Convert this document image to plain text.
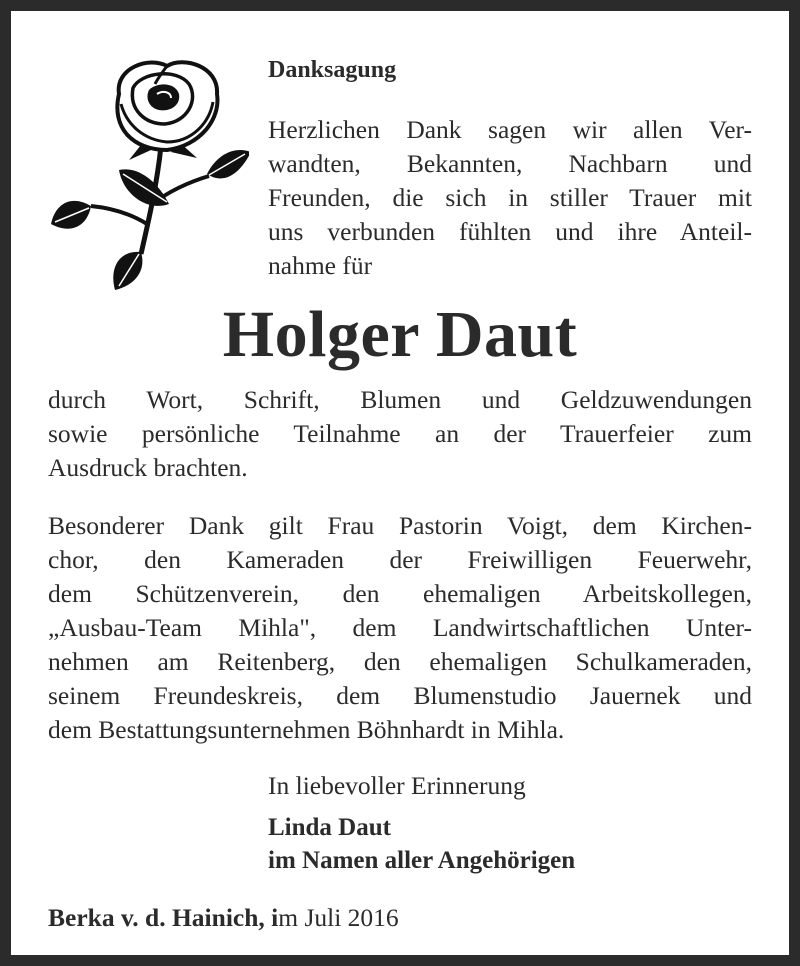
Danksagung

Herzlichen Dank sagen wir allen Ver-
wandten, Bekannten, Nachbarn und
Freunden, die sich in stiller Trauer mit
uns verbunden fühlten und ihre Anteil-
nahme für

Holger Daut

durch Wort, Schrift, Blumen und Geldzuwendungen
sowie persönliche Teilnahme an der Trauerfeier zum
Ausdruck brachten.
Besonderer Dank gilt Frau Pastorin Voigt, dem Kirchen-
chor, den Kameraden der Freiwilligen Feuerwehr,
dem Schützenverein, den ehemaligen Arbeitskollegen,
„Ausbau-Team Mihla", dem Landwirtschaftlichen Unter-
nehmen am Reitenberg, den ehemaligen Schulkameraden,
seinem Freundeskreis, dem Blumenstudio Jauernek und
dem Bestattungsunternehmen Böhnhardt in Mihla.

In liebevoller Erinnerung

Linda Daut
im Namen aller Angehörigen

Berka v. d. Hainich, im Juli 2016
